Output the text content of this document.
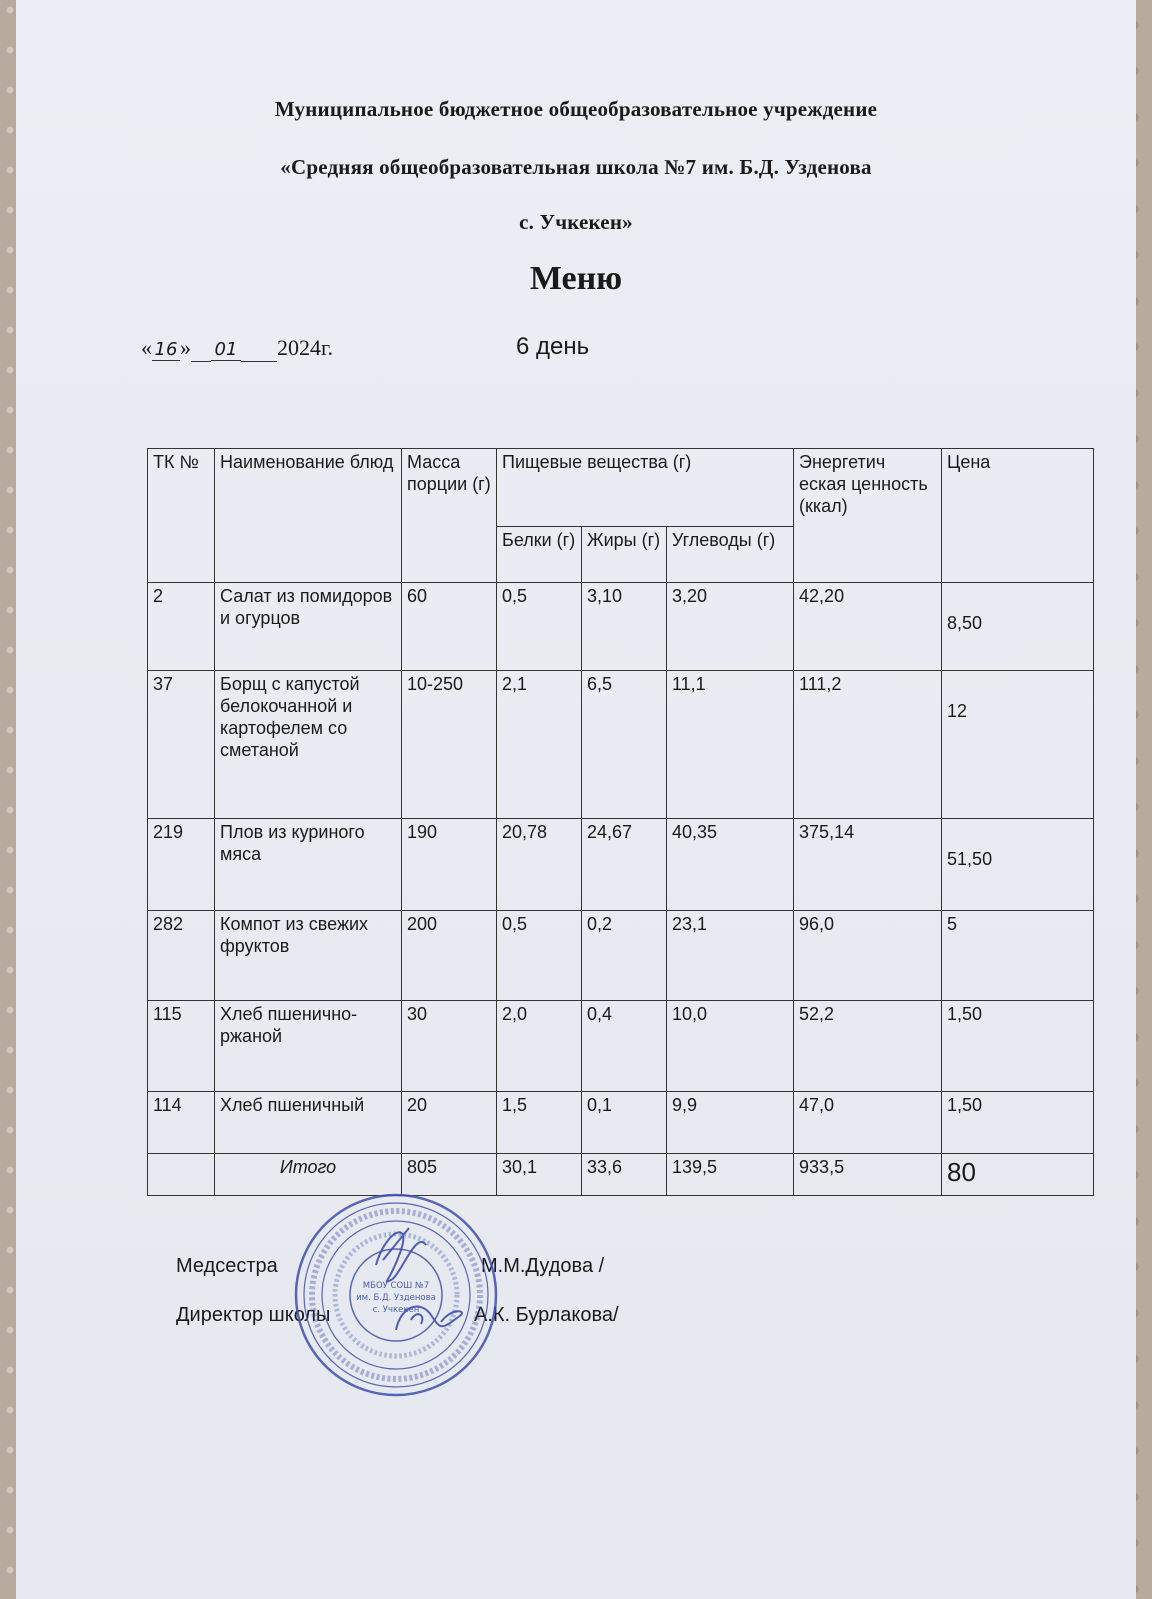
Муниципальное бюджетное общеобразовательное учреждение
«Средняя общеобразовательная школа №7 им. Б.Д. Узденова
с. Учкекен»
Меню
« 16 » 01 2024г.	6 день
ТК №	Наименование блюд	Масса порции (г)	Пищевые вещества (г)			Энергетич еская ценность (ккал)	Цена
			Белки (г)	Жиры (г)	Углеводы (г)		
2	Салат из помидоров и огурцов	60	0,5	3,10	3,20	42,20	8,50
37	Борщ с капустой белокочанной и картофелем со сметаной	10-250	2,1	6,5	11,1	111,2	12
219	Плов из куриного мяса	190	20,78	24,67	40,35	375,14	51,50
282	Компот из свежих фруктов	200	0,5	0,2	23,1	96,0	5
115	Хлеб пшенично-ржаной	30	2,0	0,4	10,0	52,2	1,50
114	Хлеб пшеничный	20	1,5	0,1	9,9	47,0	1,50
	Итого	805	30,1	33,6	139,5	933,5	80
Медсестра	М.М.Дудова /
Директор школы	А.К. Бурлакова/
МБОУ СОШ №7
им. Б.Д. Узденова
с. Учкекен
